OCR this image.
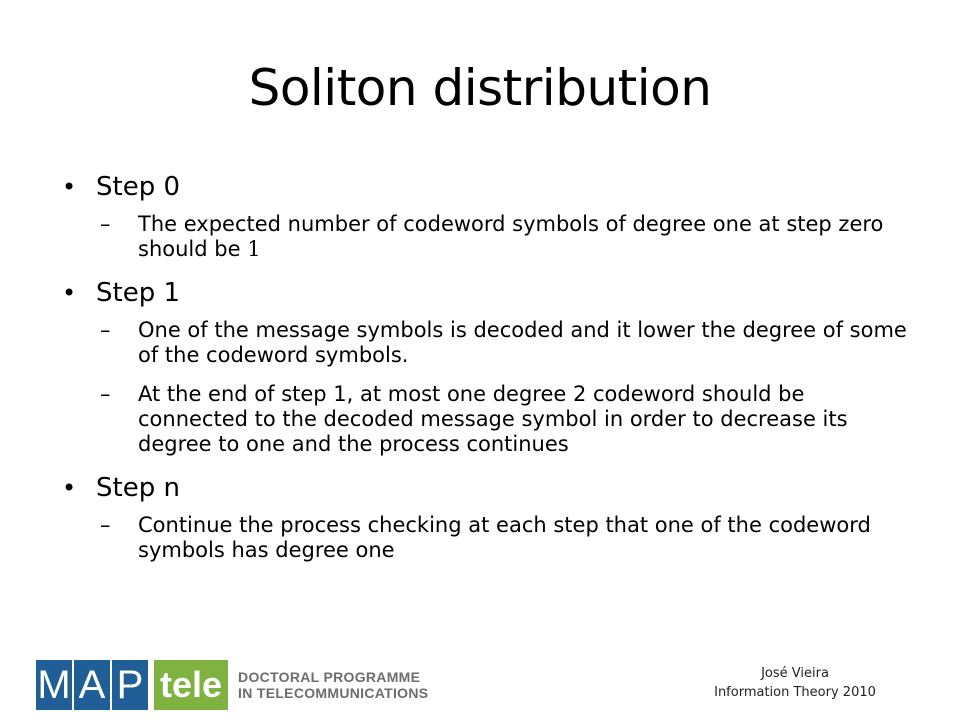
Soliton distribution
• Step 0
– The expected number of codeword symbols of degree one at step zero should be 1
• Step 1
– One of the message symbols is decoded and it lower the degree of some of the codeword symbols.
– At the end of step 1, at most one degree 2 codeword should be connected to the decoded message symbol in order to decrease its degree to one and the process continues
• Step n
– Continue the process checking at each step that one of the codeword symbols has degree one
M A P tele	DOCTORAL PROGRAMME
IN TELECOMMUNICATIONS
José Vieira
Information Theory 2010
